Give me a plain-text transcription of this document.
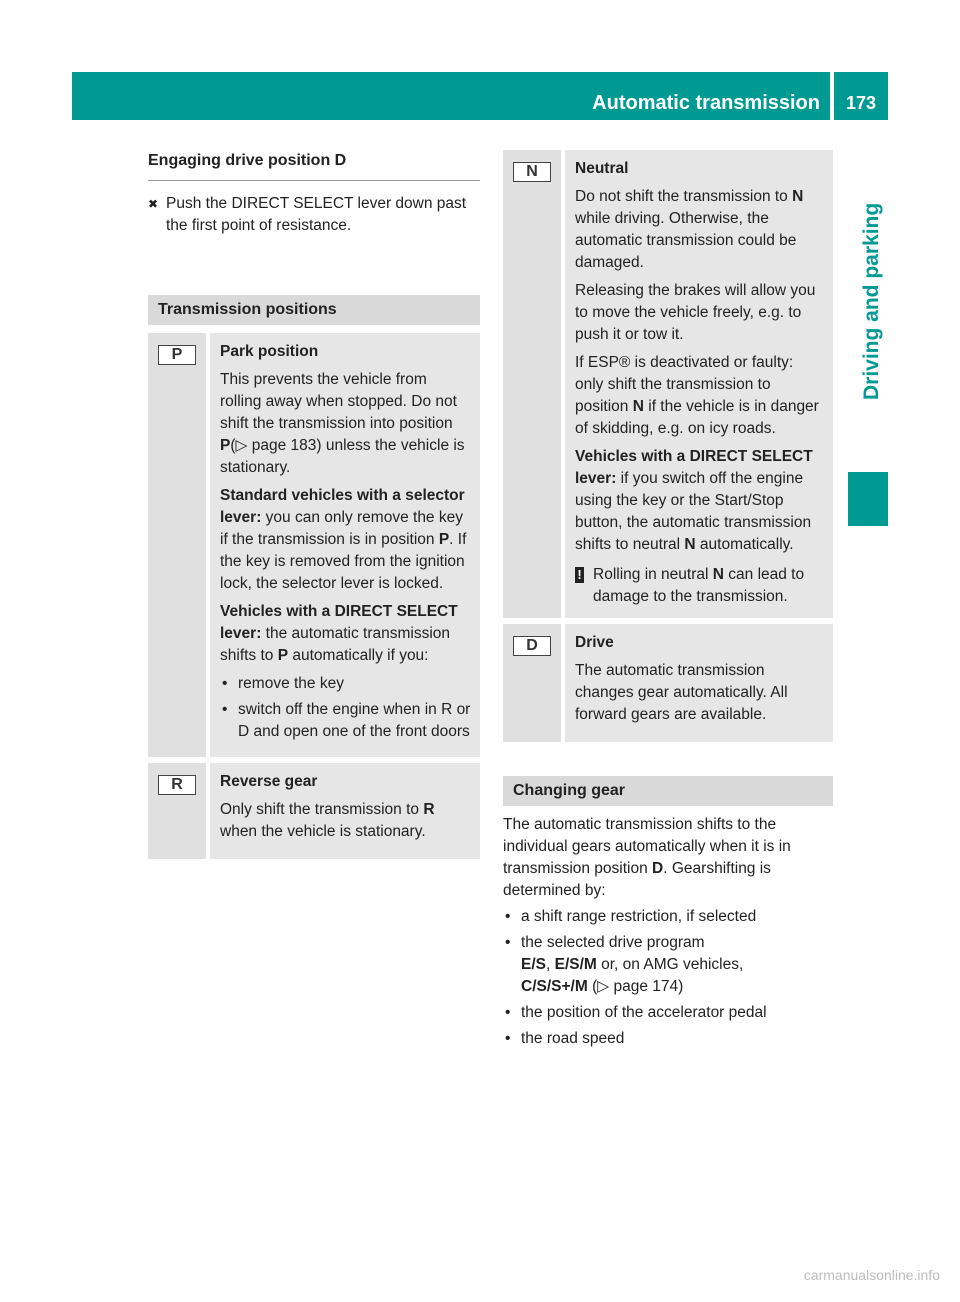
Automatic transmission	173
Driving and parking
Engaging drive position D
✖ Push the DIRECT SELECT lever down past the first point of resistance.
Transmission positions
P	Park position

This prevents the vehicle from rolling away when stopped. Do not shift the transmission into position P(▷ page 183) unless the vehicle is stationary.

Standard vehicles with a selector lever: you can only remove the key if the transmission is in position P. If the key is removed from the ignition lock, the selector lever is locked.

Vehicles with a DIRECT SELECT lever: the automatic transmission shifts to P automatically if you:

• remove the key
• switch off the engine when in R or D and open one of the front doors
R	Reverse gear

Only shift the transmission to R when the vehicle is stationary.

N	Neutral

Do not shift the transmission to N while driving. Otherwise, the automatic transmission could be damaged.

Releasing the brakes will allow you to move the vehicle freely, e.g. to push it or tow it.

If ESP® is deactivated or faulty: only shift the transmission to position N if the vehicle is in danger of skidding, e.g. on icy roads.

Vehicles with a DIRECT SELECT lever: if you switch off the engine using the key or the Start/Stop button, the automatic transmission shifts to neutral N automatically.

! Rolling in neutral N can lead to damage to the transmission.
D	Drive

The automatic transmission changes gear automatically. All forward gears are available.

Changing gear

The automatic transmission shifts to the individual gears automatically when it is in transmission position D. Gearshifting is determined by:

• a shift range restriction, if selected
• the selected drive program
E/S, E/S/M or, on AMG vehicles,
C/S/S+/M (▷ page 174)
• the position of the accelerator pedal
• the road speed
carmanualsonline.info
